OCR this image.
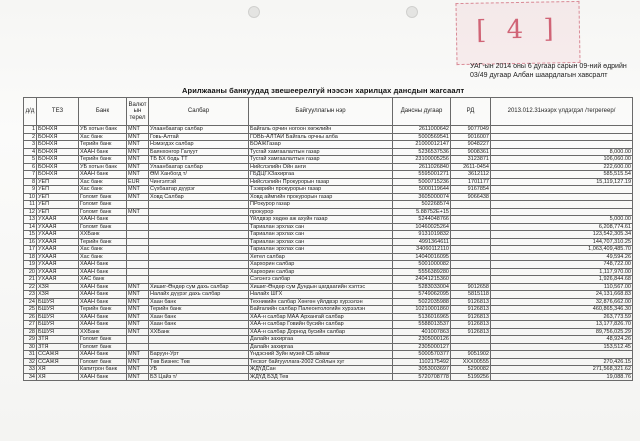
[ 4 ]
УАГ-ын 2014 оны 6 дугаар сарын 09-ний өдрийн 03/49 дугаар Албан шаардлагын хавсралт
Арилжааны банкуудад звешеерелгуй нээсэн харилцах дансдын жагсаалт
д/д	ТЕЗ	Банк	Валют ын терел	Салбар	Байгууллагын нэр	Дансны дугаар	РД	2013.012.31нээрх үлдэгдэл /тегрегеер/
1	БОНХЯ	УБ хотын банк	MNT	Улаанбаатар салбар	Байгаль орчин ногоон хөгжлийн	2611000642	9077049	
2	БОНХЯ	Хас банк	MNT	Говь-Алтай	ГОВЬ-АЛТАЙ Байгаль орчны алба	5000569541	9016007	
3	БОНХЯ	Терийн банк	MNT	Нэмэгдэх салбар	БОАЖГазар	21000012147	9048227	
4	БОНХЯ	ХААН банк	MNT	Баянхонгор Галуут	Тусгай хамгаалалтын газар	5236537536	9008361	8,000.00
5	БОНХЯ	Терийн банк	MNT	ТБ БХ бодь ТТ	Тусгай хамгаалалтын газар	23100005256	3123871	106,060.00
6	БОНХЯ	УБ хотын банк	MNT	Улаанбаатар салбар	Нийслэлийн Ойн анги	2611026840	2611-0454	222,600.00
7	БОНХЯ	ХААН банк	MNT	ӨМ Ханбогд т/	ГБДЦГХЗахиргаа	5595001271	3612112	585,515.54
8	УЕП	Хас банк	EUR	Чингэлтэй	Нийслэлийн Прокурорын газар	5000715236	1701177	15,119,127.19
9	УЕП	Хас банк	MNT	Сүхбаатар дүүрэг	Тээврийн прокурорын газар	5000119644	9167854	
10	УЕП	Голомт банк	MNT	Ховд Салбар	Ховд аймгийн прокурорын газар	3605000074	9066438	
11	УЕП	Голомт банк			ПРокурор газар	502268574		
12	УЕП	Голомт банк	MNT		прокурор	5.88752E+15		
13	УХААЯ	ХААН банк			Үйлдвэр хөдөө аж ахуйн газар	5244048766		5,000.00
14	УХААЯ	Голомт банк			Тариалан эрхлах сан	10460025264		6,208,774.61
15	УХААЯ	ХХБанк			Тариалан эрхлах сан	9131019832		123,542,305.34
16	УХААЯ	Терийн банк			Тариалан эрхлах сан	4991364611		144,707,310.25
17	УХААЯ	Хас банк			Тариалан эрхлах сан	34060112110		1,063,409,485.70
18	УХААЯ	Хас банк			Хетел салбар	14040016095		49,594.26
19	УХААЯ	ХААН банк			Хархорин салбар	5001000082		748,722.00
20	УХААЯ	ХААН банк			Хархорин салбар	5556389280		1,117,970.00
21	УХААЯ	ХАС банк			Сэлэнгэ салбар	24041215360		1,926,844.68
22	ХЗЯ	ХААН банк	MNT	Хишиг-Өндөр сум дахь салбар	Хишиг-Өндөр сум Дундын цагдаагийн хэлтэс	5283033004	9012658	110,567.00
23	ХЗЯ	ХААН банк	MNT	Налайх дүүрэг дахь салбар	Налайх ШГХ	5749062095	5815118	24,131,668.83
24	БШУЯ	ХААН банк	MNT	Хаан банк	Техникийн салбар Хөнгөн үйлдвэр хурээлэн	5022035988	9126813	32,876,662.00
25	БШУЯ	Терийн банк	MNT	Терийн банк	Байгалийн салбар Палеонтологийн хурээлэн	10210001860	9126813	460,865,346.30
26	БШУЯ	ХААН банк	MNT	Хаан банк	ХАА-н салбар МАА Архангай салбар	5136016965	9126813	263,773.59
27	БШУЯ	ХААН банк	MNT	Хаан банк	ХАА-н салбар Говийн бусийн салбар	5588013537	9126813	13,177,826.70
28	БШУЯ	ХХБанк	MNT	ХХБанк	ХАА-н салбар Дорнод бусийн салбар	401007863	9126813	89,756,025.29
29	ЗТЯ	Голомт банк			Далайн захиргаа	2305000126		48,924.26
30	ЗТЯ	Голомт банк			Далайн захиргаа	2305000127		153,512.45
31	ССАЖЯ	ХААН банк	MNT	Баруун-Урт	Үндэсний Зуйн музей СБ аймаг	5000570377	9051902	
32	ССАЖЯ	Голомт банк	MNT	Төв Бизнес Төв	Тесвэт байгууллага-2002 Сойлын хуг	1102175492	XXX00555	270,426.15
33	ХЯ	Капитрон банк	MNT	УБ	ЖДҮДСан	3053003697	5290082	271,568,321.62
34	ХЯ	ХААН банк	MNT	БЗ Цайз т/	ЖДҮД БЗД Тев	5720708778	5199256	19,088.76
